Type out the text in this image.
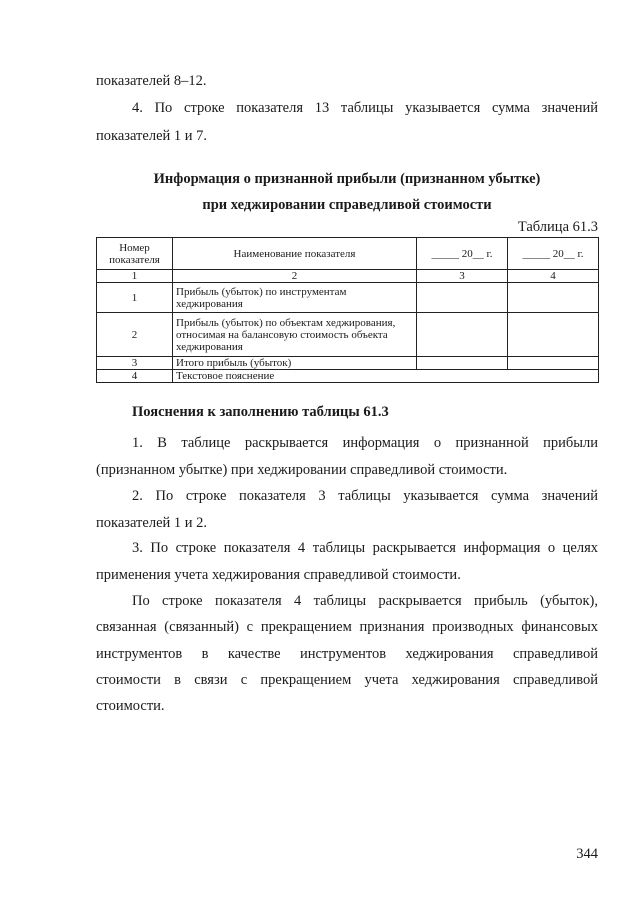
показателей 8–12.
4. По строке показателя 13 таблицы указывается сумма значений
показателей 1 и 7.
Информация о признанной прибыли (признанном убытке)
при хеджировании справедливой стоимости
Таблица 61.3
Номер показателя	Наименование показателя	_____ 20__ г.	_____ 20__ г.
1	2	3	4
1	Прибыль (убыток) по инструментам хеджирования		
2	Прибыль (убыток) по объектам хеджирования, относимая на балансовую стоимость объекта хеджирования		
3	Итого прибыль (убыток)		
4	Текстовое пояснение		
Пояснения к заполнению таблицы 61.3
1. В таблице раскрывается информация о признанной прибыли
(признанном убытке) при хеджировании справедливой стоимости.
2. По строке показателя 3 таблицы указывается сумма значений
показателей 1 и 2.
3. По строке показателя 4 таблицы раскрывается информация о целях
применения учета хеджирования справедливой стоимости.
По строке показателя 4 таблицы раскрывается прибыль (убыток),
связанная (связанный) с прекращением признания производных финансовых
инструментов в качестве инструментов хеджирования справедливой
стоимости в связи с прекращением учета хеджирования справедливой
стоимости.
344
